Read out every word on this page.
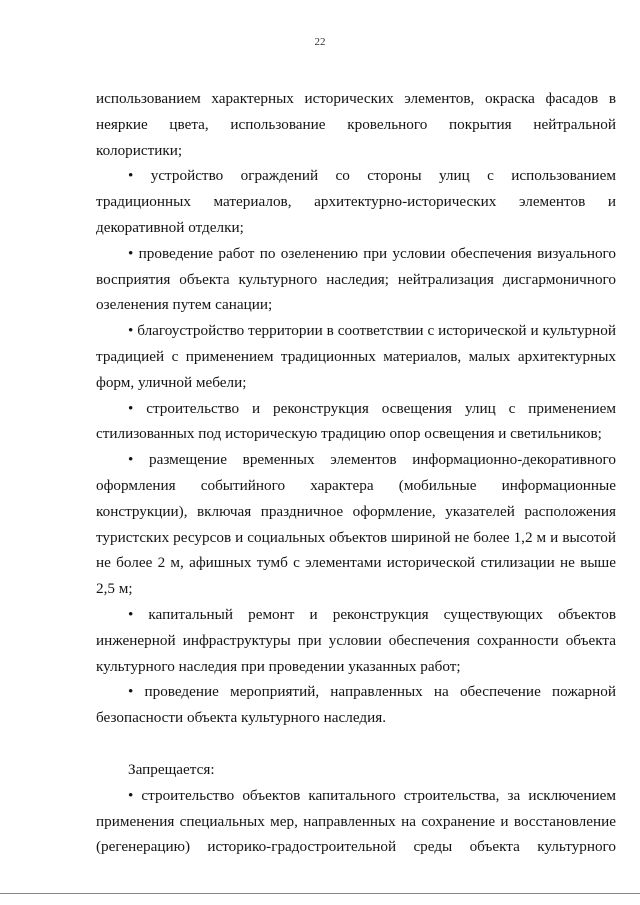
22

использованием характерных исторических элементов, окраска фасадов в неяркие цвета, использование кровельного покрытия нейтральной колористики;

• устройство ограждений со стороны улиц с использованием традиционных материалов, архитектурно-исторических элементов и декоративной отделки;

• проведение работ по озеленению при условии обеспечения визуального восприятия объекта культурного наследия; нейтрализация дисгармоничного озеленения путем санации;

• благоустройство территории в соответствии с исторической и культурной традицией с применением традиционных материалов, малых архитектурных форм, уличной мебели;

• строительство и реконструкция освещения улиц с применением стилизованных под историческую традицию опор освещения и светильников;

• размещение временных элементов информационно-декоративного оформления событийного характера (мобильные информационные конструкции), включая праздничное оформление, указателей расположения туристских ресурсов и социальных объектов шириной не более 1,2 м и высотой не более 2 м, афишных тумб с элементами исторической стилизации не выше 2,5 м;

• капитальный ремонт и реконструкция существующих объектов инженерной инфраструктуры при условии обеспечения сохранности объекта культурного наследия при проведении указанных работ;

• проведение мероприятий, направленных на обеспечение пожарной безопасности объекта культурного наследия.

Запрещается:

• строительство объектов капитального строительства, за исключением применения специальных мер, направленных на сохранение и восстановление (регенерацию) историко-градостроительной среды объекта культурного
